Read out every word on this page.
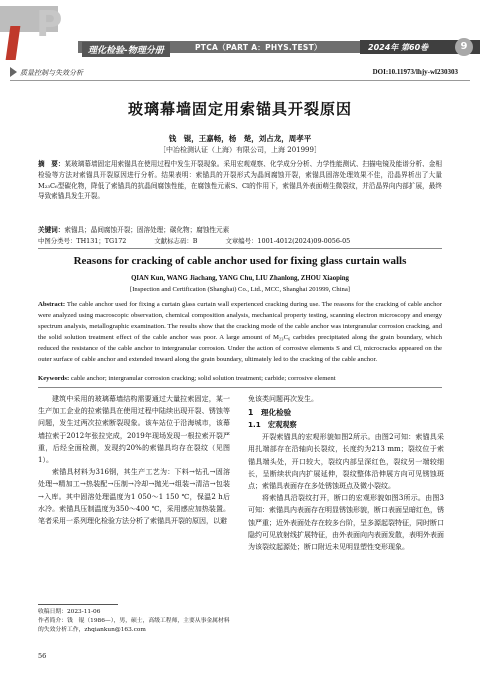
P
理化检验-物理分册	PTCA（PART A：PHYS.TEST）	2024年 第60卷	9
质量控制与失效分析	DOI:10.11973/lhjy-wl230303
玻璃幕墙固定用索锚具开裂原因
钱　锟，王嘉畅，杨　楚，刘占龙，周孝平
［中冶检测认证（上海）有限公司，上海 201999］
摘　要：某玻璃幕墙固定用索锚具在使用过程中发生开裂现象。采用宏观观察、化学成分分析、力学性能测试、扫描电镜及能谱分析、金相检验等方法对索锚具开裂原因进行分析。结果表明：索锚具的开裂形式为晶间腐蚀开裂，索锚具固溶处理效果不佳，沿晶界析出了大量M₂₃C₆型碳化物，降低了索锚具的抗晶间腐蚀性能，在腐蚀性元素S、Cl的作用下，索锚具外表面萌生微裂纹，并沿晶界向内部扩展，最终导致索锚具发生开裂。
关键词：索锚具；晶间腐蚀开裂；固溶处理；碳化物；腐蚀性元素
中图分类号：TH131；TG172	文献标志码：B	文章编号：1001-4012(2024)09-0056-05
Reasons for cracking of cable anchor used for fixing glass curtain walls
QIAN Kun, WANG Jiachang, YANG Chu, LIU Zhanlong, ZHOU Xiaoping
[Inspection and Certification (Shanghai) Co., Ltd., MCC, Shanghai 201999, China]
Abstract: The cable anchor used for fixing a curtain glass curtain wall experienced cracking during use. The reasons for the cracking of cable anchor were analyzed using macroscopic observation, chemical composition analysis, mechanical property testing, scanning electron microscopy and energy spectrum analysis, metallographic examination. The results show that the cracking mode of the cable anchor was intergranular corrosion cracking, and the solid solution treatment effect of the cable anchor was poor. A large amount of M₂₃C₆ carbides precipitated along the grain boundary, which reduced the resistance of the cable anchor to intergranular corrosion. Under the action of corrosive elements S and Cl, microcracks appeared on the outer surface of cable anchor and extended inward along the grain boundary, ultimately led to the cracking of the cable anchor.
Keywords: cable anchor; intergranular corrosion cracking; solid solution treatment; carbide; corrosive element

建筑中采用的玻璃幕墙结构需要通过大量拉索固定，某一生产加工企业的拉索锚具在使用过程中陆续出现开裂、锈蚀等问题，发生过两次拉索断裂现象。该车站位于沿海城市，该幕墙拉索于2012年张拉完成，2019年现场发现一根拉索开裂严重，后经全面检测，发现约20%的索锚具均存在裂纹（见图1）。

索锚具材料为316钢，其生产工艺为：下料→钻孔→固溶处理→精加工→热装配→压制→冷却→抛光→组装→清洁→包装→入库。其中固溶处理温度为1 050～1 150 ℃，保温2 h后水冷。索锚具压制温度为350～400 ℃，采用感应加热装置。笔者采用一系列理化检验方法分析了索锚具开裂的原因，以避

免该类问题再次发生。

1　理化检验
1.1　宏观观察

开裂索锚具的宏观形貌如图2所示。由图2可知：索锚具采用扎端部存在沿轴向长裂纹，长度约为213 mm；裂纹位于索锚具端头处，开口较大，裂纹内部呈深红色，裂纹另一端较细长，呈断续状向内扩展延伸，裂纹整体沿伸展方向可见锈蚀斑点；索锚具表面存在多处锈蚀斑点及微小裂纹。

将索锚具沿裂纹打开，断口的宏观形貌如图3所示。由图3可知：索锚具内表面存在明显锈蚀形貌，断口表面呈暗红色，锈蚀严重；近外表面处存在较多台阶，呈多源起裂特征，同时断口隐约可见放射线扩展特征，由外表面向内表面发散，表明外表面为该裂纹起源处；断口附近未见明显塑性变形现象。

收稿日期：2023-11-06
作者简介：钱　锟（1986—），男，硕士，高级工程师，主要从事金属材料的失效分析工作，zhqiankun@163.com
56
